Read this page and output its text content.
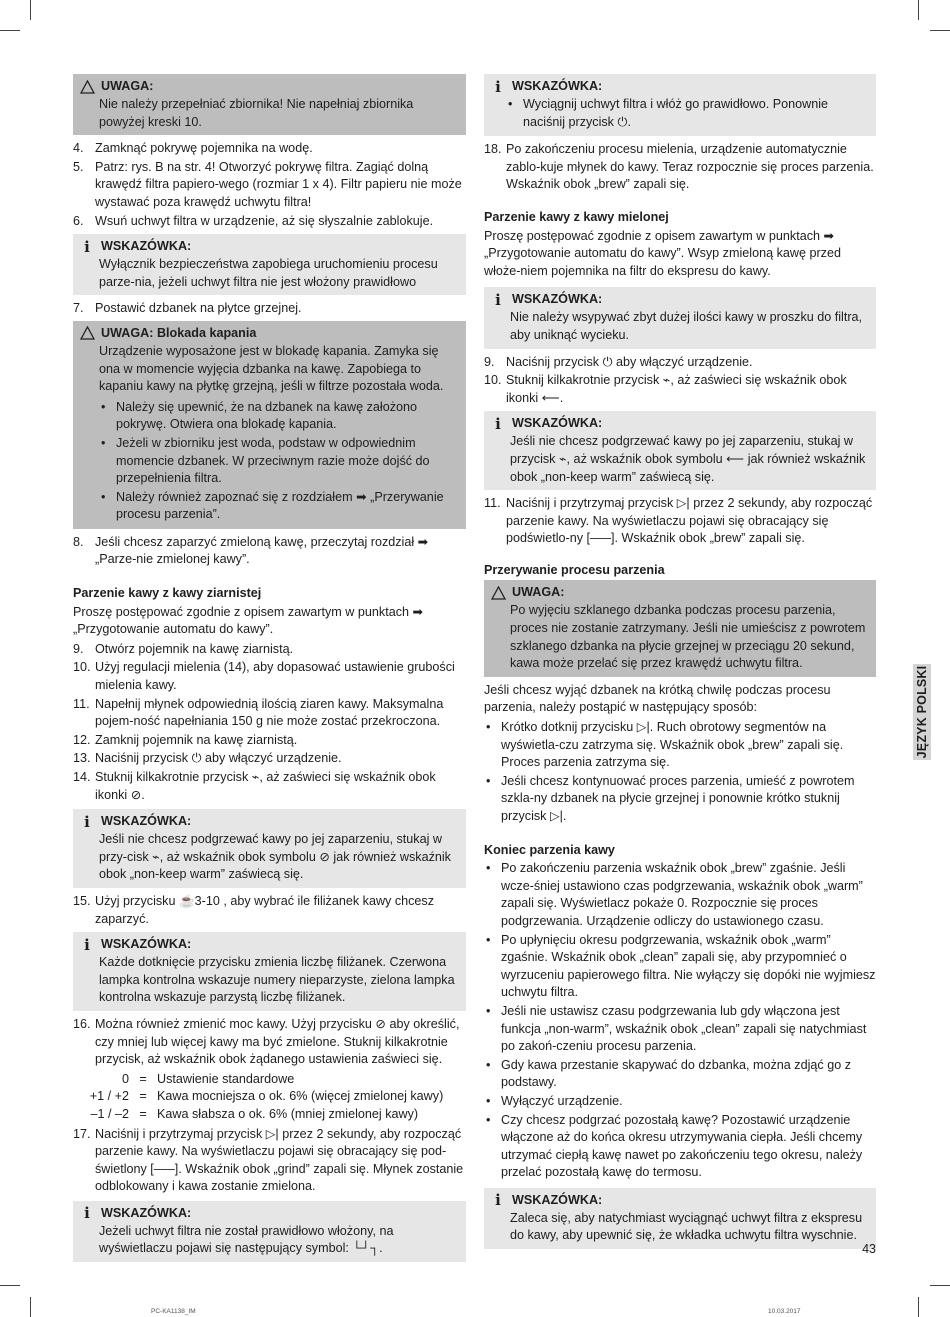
UWAGA:
Nie należy przepełniać zbiornika! Nie napełniaj zbiornika powyżej kreski 10.
4. Zamknąć pokrywę pojemnika na wodę.
5. Patrz: rys. B na str. 4! Otworzyć pokrywę filtra. Zagiąć dolną krawędź filtra papiero-wego (rozmiar 1 x 4). Filtr papieru nie może wystawać poza krawędź uchwytu filtra!
6. Wsuń uchwyt filtra w urządzenie, aż się słyszalnie zablokuje.
i WSKAZÓWKA:
Wyłącznik bezpieczeństwa zapobiega uruchomieniu procesu parze-nia, jeżeli uchwyt filtra nie jest włożony prawidłowo
7. Postawić dzbanek na płytce grzejnej.
UWAGA: Blokada kapania
Urządzenie wyposażone jest w blokadę kapania. Zamyka się ona w momencie wyjęcia dzbanka na kawę. Zapobiega to kapaniu kawy na płytkę grzejną, jeśli w filtrze pozostała woda.
• Należy się upewnić, że na dzbanek na kawę założono pokrywę. Otwiera ona blokadę kapania.
• Jeżeli w zbiorniku jest woda, podstaw w odpowiednim momencie dzbanek. W przeciwnym razie może dojść do przepełnienia filtra.
• Należy również zapoznać się z rozdziałem ➡ „Przerywanie procesu parzenia”.
8. Jeśli chcesz zaparzyć zmieloną kawę, przeczytaj rozdział ➡ „Parze-nie zmielonej kawy”.
Parzenie kawy z kawy ziarnistej
Proszę postępować zgodnie z opisem zawartym w punktach ➡ „Przygotowanie automatu do kawy”.
9. Otwórz pojemnik na kawę ziarnistą.
10. Użyj regulacji mielenia (14), aby dopasować ustawienie grubości mielenia kawy.
11. Napełnij młynek odpowiednią ilością ziaren kawy. Maksymalna pojem-ność napełniania 150 g nie może zostać przekroczona.
12. Zamknij pojemnik na kawę ziarnistą.
13. Naciśnij przycisk ⏻ aby włączyć urządzenie.
14. Stuknij kilkakrotnie przycisk ⌁, aż zaświeci się wskaźnik obok ikonki ⊘.
i WSKAZÓWKA:
Jeśli nie chcesz podgrzewać kawy po jej zaparzeniu, stukaj w przy-cisk ⌁, aż wskaźnik obok symbolu ⊘ jak również wskaźnik obok „non-keep warm” zaświecą się.
15. Użyj przycisku ☕3-10 , aby wybrać ile filiżanek kawy chcesz zaparzyć.
i WSKAZÓWKA:
Każde dotknięcie przycisku zmienia liczbę filiżanek. Czerwona lampka kontrolna wskazuje numery nieparzyste, zielona lampka kontrolna wskazuje parzystą liczbę filiżanek.
16. Można również zmienić moc kawy. Użyj przycisku ⊘ aby określić, czy mniej lub więcej kawy ma być zmielone. Stuknij kilkakrotnie przycisk, aż wskaźnik obok żądanego ustawienia zaświeci się.
0 = Ustawienie standardowe
+1 / +2 = Kawa mocniejsza o ok. 6% (więcej zmielonej kawy)
–1 / –2 = Kawa słabsza o ok. 6% (mniej zmielonej kawy)
17. Naciśnij i przytrzymaj przycisk ▷| przez 2 sekundy, aby rozpocząć parzenie kawy. Na wyświetlaczu pojawi się obracający się pod-świetlony [–––]. Wskaźnik obok „grind” zapali się. Młynek zostanie odblokowany i kawa zostanie zmielona.
i WSKAZÓWKA:
Jeżeli uchwyt filtra nie został prawidłowo włożony, na wyświetlaczu pojawi się następujący symbol: └┘┐.
i WSKAZÓWKA:
• Wyciągnij uchwyt filtra i włóż go prawidłowo. Ponownie naciśnij przycisk ⏻.
18. Po zakończeniu procesu mielenia, urządzenie automatycznie zablo-kuje młynek do kawy. Teraz rozpocznie się proces parzenia. Wskaźnik obok „brew” zapali się.
Parzenie kawy z kawy mielonej
Proszę postępować zgodnie z opisem zawartym w punktach ➡ „Przygotowanie automatu do kawy”. Wsyp zmieloną kawę przed włoże-niem pojemnika na filtr do ekspresu do kawy.
i WSKAZÓWKA:
Nie należy wsypywać zbyt dużej ilości kawy w proszku do filtra, aby uniknąć wycieku.
9. Naciśnij przycisk ⏻ aby włączyć urządzenie.
10. Stuknij kilkakrotnie przycisk ⌁, aż zaświeci się wskaźnik obok ikonki ⟵.
i WSKAZÓWKA:
Jeśli nie chcesz podgrzewać kawy po jej zaparzeniu, stukaj w przycisk ⌁, aż wskaźnik obok symbolu ⟵ jak również wskaźnik obok „non-keep warm” zaświecą się.
11. Naciśnij i przytrzymaj przycisk ▷| przez 2 sekundy, aby rozpocząć parzenie kawy. Na wyświetlaczu pojawi się obracający się podświetlo-ny [–––]. Wskaźnik obok „brew” zapali się.
Przerywanie procesu parzenia
UWAGA:
Po wyjęciu szklanego dzbanka podczas procesu parzenia, proces nie zostanie zatrzymany. Jeśli nie umieścisz z powrotem szklanego dzbanka na płycie grzejnej w przeciągu 20 sekund, kawa może przelać się przez krawędź uchwytu filtra.
Jeśli chcesz wyjąć dzbanek na krótką chwilę podczas procesu parzenia, należy postąpić w następujący sposób:
• Krótko dotknij przycisku ▷|. Ruch obrotowy segmentów na wyświetla-czu zatrzyma się. Wskaźnik obok „brew” zapali się. Proces parzenia zatrzyma się.
• Jeśli chcesz kontynuować proces parzenia, umieść z powrotem szkla-ny dzbanek na płycie grzejnej i ponownie krótko stuknij przycisk ▷|.
Koniec parzenia kawy
• Po zakończeniu parzenia wskaźnik obok „brew” zgaśnie. Jeśli wcze-śniej ustawiono czas podgrzewania, wskaźnik obok „warm” zapali się. Wyświetlacz pokaże 0. Rozpocznie się proces podgrzewania. Urządzenie odliczy do ustawionego czasu.
• Po upłynięciu okresu podgrzewania, wskaźnik obok „warm” zgaśnie. Wskaźnik obok „clean” zapali się, aby przypomnieć o wyrzuceniu papierowego filtra. Nie wyłączy się dopóki nie wyjmiesz uchwytu filtra.
• Jeśli nie ustawisz czasu podgrzewania lub gdy włączona jest funkcja „non-warm”, wskaźnik obok „clean” zapali się natychmiast po zakoń-czeniu procesu parzenia.
• Gdy kawa przestanie skapywać do dzbanka, można zdjąć go z podstawy.
• Wyłączyć urządzenie.
• Czy chcesz podgrzać pozostałą kawę? Pozostawić urządzenie włączone aż do końca okresu utrzymywania ciepła. Jeśli chcemy utrzymać ciepłą kawę nawet po zakończeniu tego okresu, należy przelać pozostałą kawę do termosu.
i WSKAZÓWKA:
Zaleca się, aby natychmiast wyciągnąć uchwyt filtra z ekspresu do kawy, aby upewnić się, że wkładka uchwytu filtra wyschnie.
JĘZYK POLSKI
43
PC-KA1138_IM	10.03.2017
